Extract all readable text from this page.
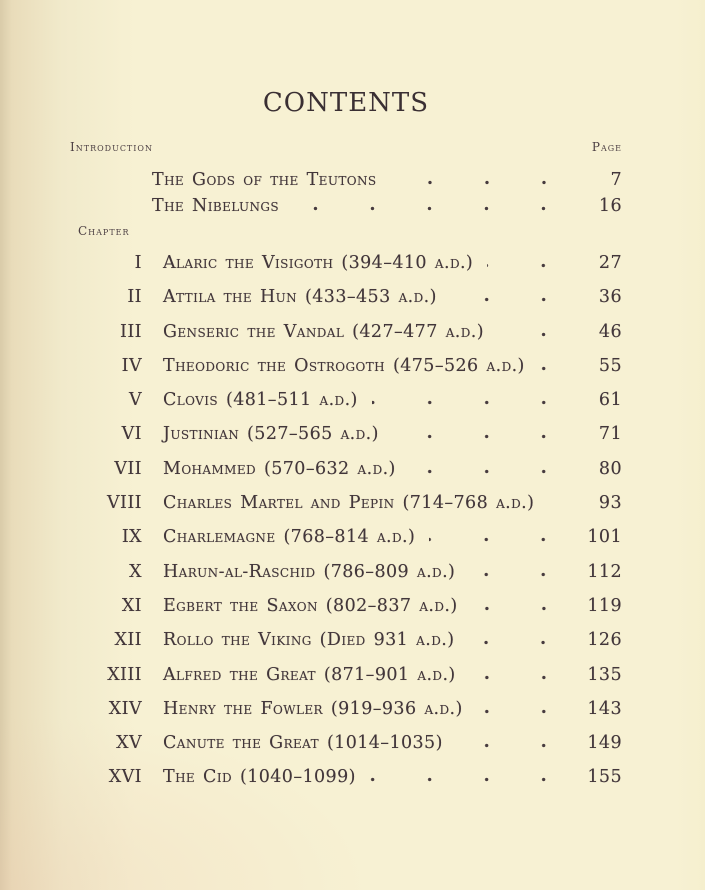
CONTENTS
Introduction	Page
The Gods of the Teutons	7
The Nibelungs	16
Chapter
I Alaric the Visigoth (394–410 a.d.)	27
II Attila the Hun (433–453 a.d.)	36
III Genseric the Vandal (427–477 a.d.)	46
IV Theodoric the Ostrogoth (475–526 a.d.)	55
V Clovis (481–511 a.d.)	61
VI Justinian (527–565 a.d.)	71
VII Mohammed (570–632 a.d.)	80
VIII Charles Martel and Pepin (714–768 a.d.)	93
IX Charlemagne (768–814 a.d.)	101
X Harun-al-Raschid (786–809 a.d.)	112
XI Egbert the Saxon (802–837 a.d.)	119
XII Rollo the Viking (Died 931 a.d.)	126
XIII Alfred the Great (871–901 a.d.)	135
XIV Henry the Fowler (919–936 a.d.)	143
XV Canute the Great (1014–1035)	149
XVI The Cid (1040–1099)	155
